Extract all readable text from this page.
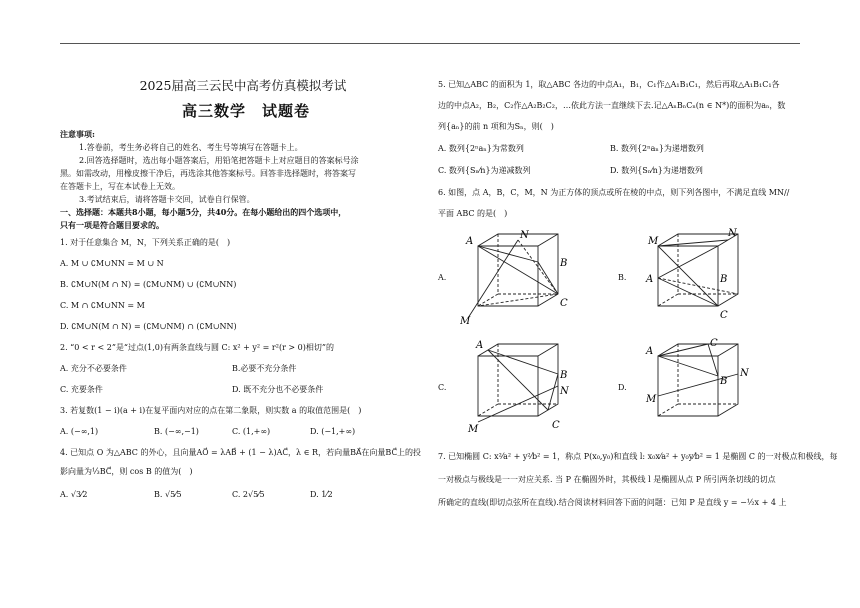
2025届高三云民中高考仿真模拟考试
高三数学　试题卷
注意事项:
1.答卷前，考生务必将自己的姓名、考生号等填写在答题卡上。
2.回答选择题时，选出每小题答案后，用铅笔把答题卡上对应题目的答案标号涂
黑。如需改动，用橡皮擦干净后，再选涂其他答案标号。回答非选择题时，将答案写
在答题卡上，写在本试卷上无效。
3.考试结束后，请将答题卡交回，试卷自行保管。
一、选择题：本题共8小题，每小题5分，共40分。在每小题给出的四个选项中，
只有一项是符合题目要求的。
1. 对于任意集合 M，N，下列关系正确的是(　)
A. M ∪ ∁M∪NN = M ∪ N
B. ∁M∪N(M ∩ N) = (∁M∪NM) ∪ (∁M∪NN)
C. M ∩ ∁M∪NN = M
D. ∁M∪N(M ∩ N) = (∁M∪NM) ∩ (∁M∪NN)
2. “0 < r < 2”是“过点(1,0)有两条直线与圆 C: x² + y² = r²(r > 0)相切”的
A. 充分不必要条件	B.必要不充分条件
C. 充要条件	D. 既不充分也不必要条件
3. 若复数(1 − i)(a + i)在复平面内对应的点在第二象限，则实数 a 的取值范围是(　)
A. (−∞,1)	B. (−∞,−1)	C. (1,+∞)	D. (−1,+∞)
4. 已知点 O 为△ABC 的外心，且向量AO⃗ = λAB⃗ + (1 − λ)AC⃗，λ ∈ R，若向量BA⃗在向量BC⃗上的投
影向量为⅓BC⃗，则 cos B 的值为(　)
A. √3⁄2	B. √5⁄5	C. 2√5⁄5	D. 1⁄2
5. 已知△ABC 的面积为 1，取△ABC 各边的中点A₁，B₁，C₁作△A₁B₁C₁，然后再取△A₁B₁C₁各
边的中点A₂，B₂，C₂作△A₂B₂C₂，…依此方法一直继续下去.记△AₙBₙCₙ(n ∈ N*)的面积为aₙ，数
列{aₙ}的前 n 项和为Sₙ，则(　)
A. 数列{2ⁿaₙ}为常数列	B. 数列{2ⁿaₙ}为递增数列
C. 数列{Sₙ⁄n}为递减数列	D. 数列{Sₙ⁄n}为递增数列
6. 如图，点 A，B，C，M，N 为正方体的顶点或所在棱的中点，则下列各图中，不满足直线 MN//
平面 ABC 的是(　)
A.
A
B
C
M
N
B.
M
N
A	B
C
C.
A
B
C
M
N	D.
A
C
B
M
N
7. 已知椭圆 C: x²⁄a² + y²⁄b² = 1，称点 P(x₀,y₀)和直线 l: x₀x⁄a² + y₀y⁄b² = 1 是椭圆 C 的一对极点和极线，每
一对极点与极线是一一对应关系. 当 P 在椭圆外时，其极线 l 是椭圆从点 P 所引两条切线的切点
所确定的直线(即切点弦所在直线).结合阅读材料回答下面的问题：已知 P 是直线 y = −½x + 4 上
